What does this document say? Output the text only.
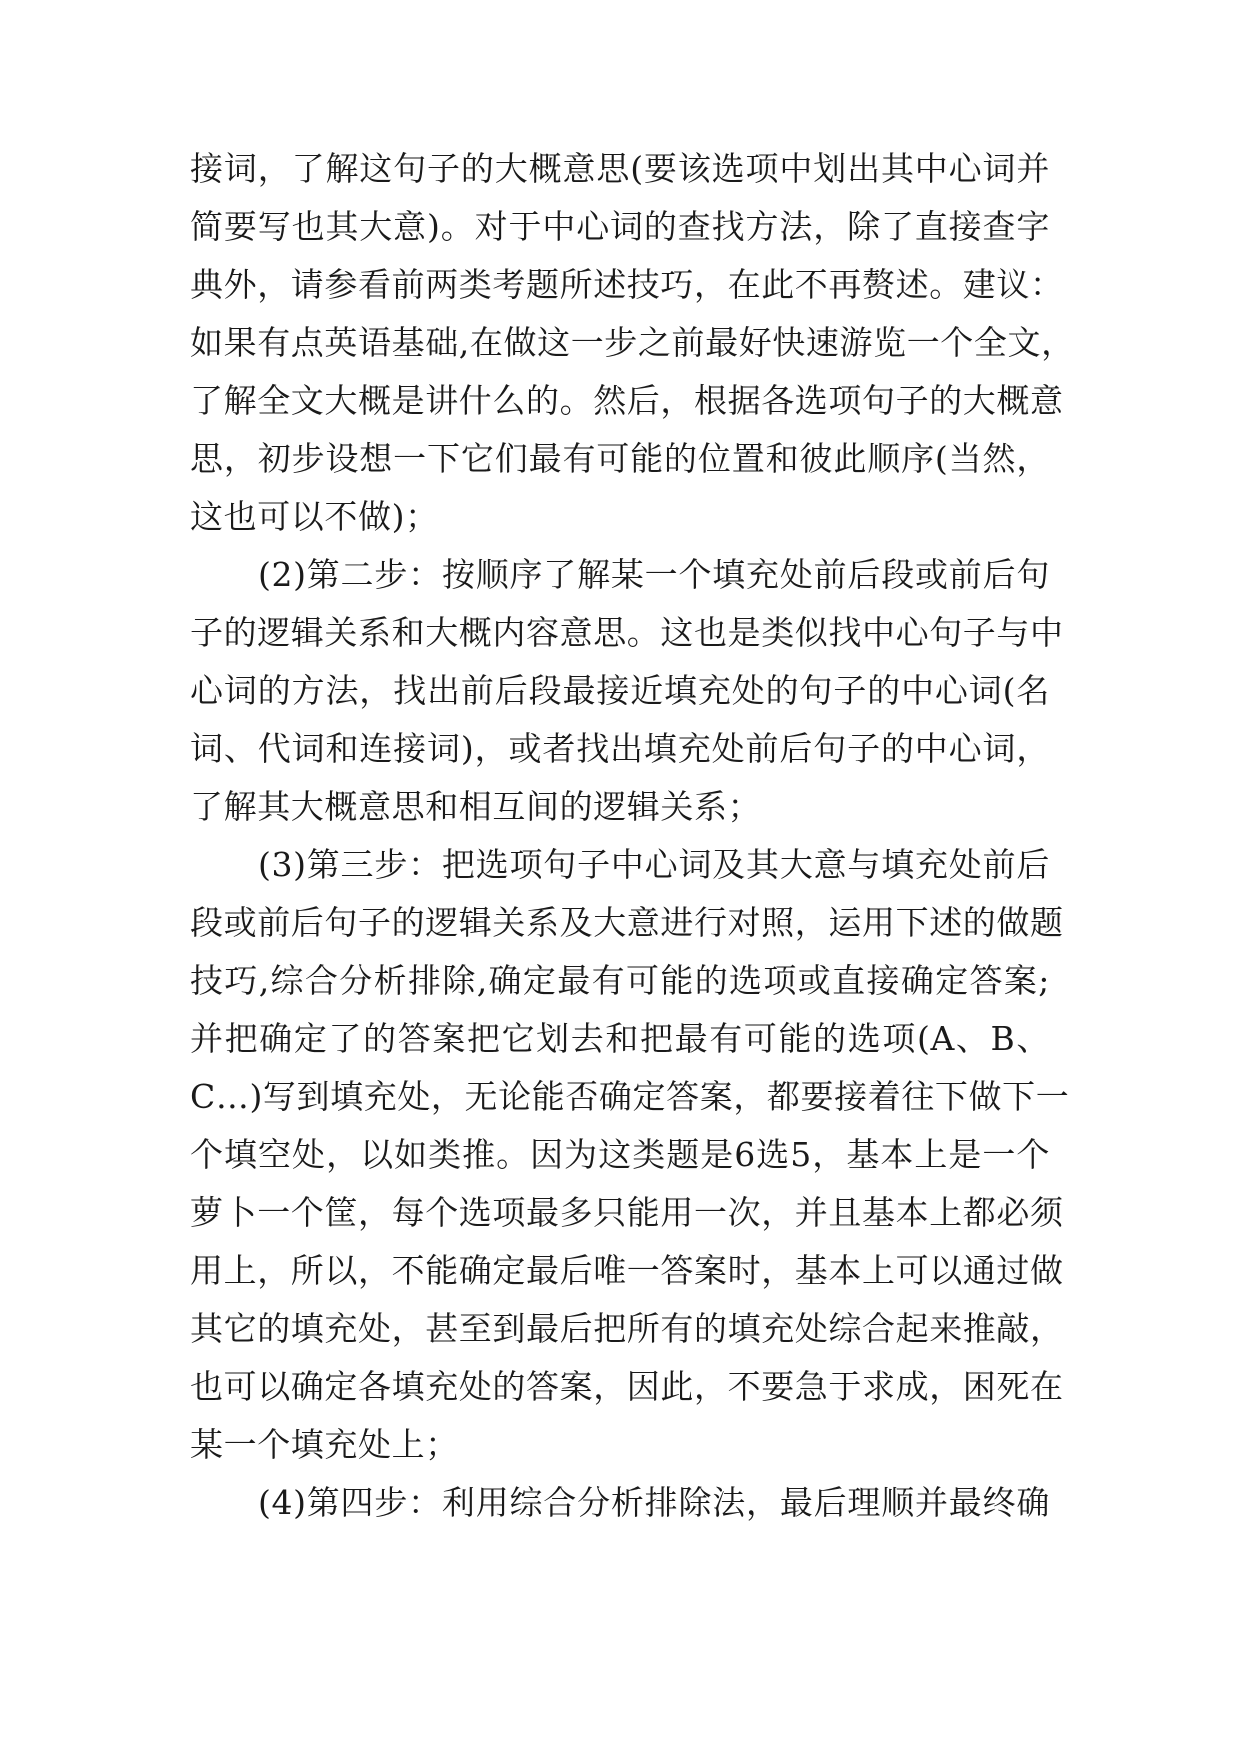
接词，了解这句子的大概意思(要该选项中划出其中心词并
简要写也其大意)。对于中心词的查找方法，除了直接查字
典外，请参看前两类考题所述技巧，在此不再赘述。建议：
如果有点英语基础,在做这一步之前最好快速游览一个全文，
了解全文大概是讲什么的。然后，根据各选项句子的大概意
思，初步设想一下它们最有可能的位置和彼此顺序(当然，
这也可以不做)；
(2)第二步：按顺序了解某一个填充处前后段或前后句
子的逻辑关系和大概内容意思。这也是类似找中心句子与中
心词的方法，找出前后段最接近填充处的句子的中心词(名
词、代词和连接词)，或者找出填充处前后句子的中心词，
了解其大概意思和相互间的逻辑关系；
(3)第三步：把选项句子中心词及其大意与填充处前后
段或前后句子的逻辑关系及大意进行对照，运用下述的做题
技巧,综合分析排除,确定最有可能的选项或直接确定答案;
并把确定了的答案把它划去和把最有可能的选项(A、B、
C…)写到填充处，无论能否确定答案，都要接着往下做下一
个填空处，以如类推。因为这类题是6选5，基本上是一个
萝卜一个筐，每个选项最多只能用一次，并且基本上都必须
用上，所以，不能确定最后唯一答案时，基本上可以通过做
其它的填充处，甚至到最后把所有的填充处综合起来推敲，
也可以确定各填充处的答案，因此，不要急于求成，困死在
某一个填充处上；
(4)第四步：利用综合分析排除法，最后理顺并最终确
